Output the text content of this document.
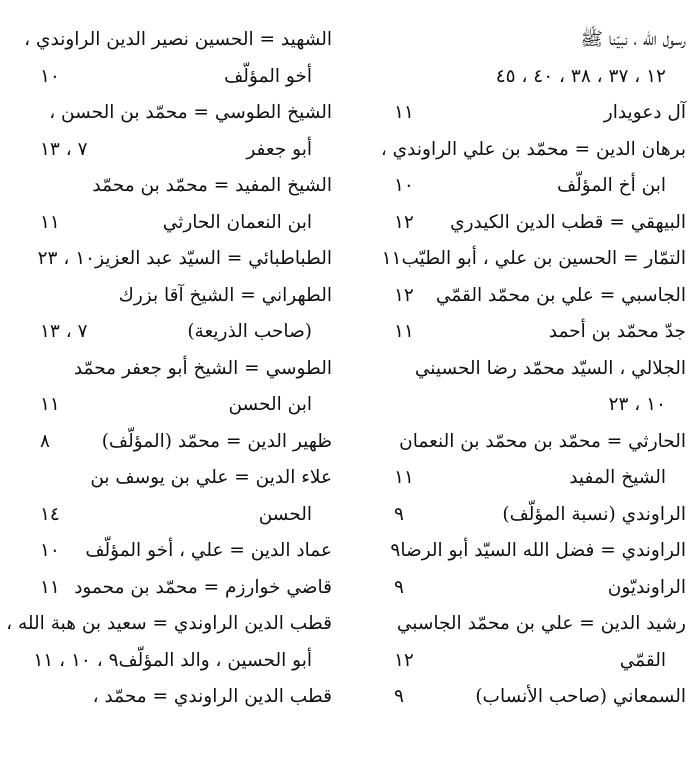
رسول الله ، نبيّنا ﷺ
١٢ ، ٣٧ ، ٣٨ ، ٤٠ ، ٤٥
آل دعويدار
١١
برهان الدين = محمّد بن علي الراوندي ،
ابن أخ المؤلّف
١٠
البيهقي = قطب الدين الكيدري
١٢
التمّار = الحسين بن علي ، أبو الطيّب
١١
الجاسبي = علي بن محمّد القمّي
١٢
جدّ محمّد بن أحمد
١١
الجلالي ، السيّد محمّد رضا الحسيني
١٠ ، ٢٣
الحارثي = محمّد بن محمّد بن النعمان
الشيخ المفيد
١١
الراوندي (نسبة المؤلّف)
٩
الراوندي = فضل الله السيّد أبو الرضا
٩
الراونديّون
٩
رشيد الدين = علي بن محمّد الجاسبي
القمّي
١٢
السمعاني (صاحب الأنساب)
٩
الشهيد = الحسين نصير الدين الراوندي ،
أخو المؤلّف
١٠
الشيخ الطوسي = محمّد بن الحسن ،
أبو جعفر
٧ ، ١٣
الشيخ المفيد = محمّد بن محمّد
ابن النعمان الحارثي
١١
الطباطبائي = السيّد عبد العزيز
١٠ ، ٢٣
الطهراني = الشيخ آقا بزرك
(صاحب الذريعة)
٧ ، ١٣
الطوسي = الشيخ أبو جعفر محمّد
ابن الحسن
١١
ظهير الدين = محمّد (المؤلّف)
٨
علاء الدين = علي بن يوسف بن
الحسن
١٤
عماد الدين = علي ، أخو المؤلّف
١٠
قاضي خوارزم = محمّد بن محمود
١١
قطب الدين الراوندي = سعيد بن هبة الله ،
أبو الحسين ، والد المؤلّف
٩ ، ١٠ ، ١١
قطب الدين الراوندي = محمّد ،
